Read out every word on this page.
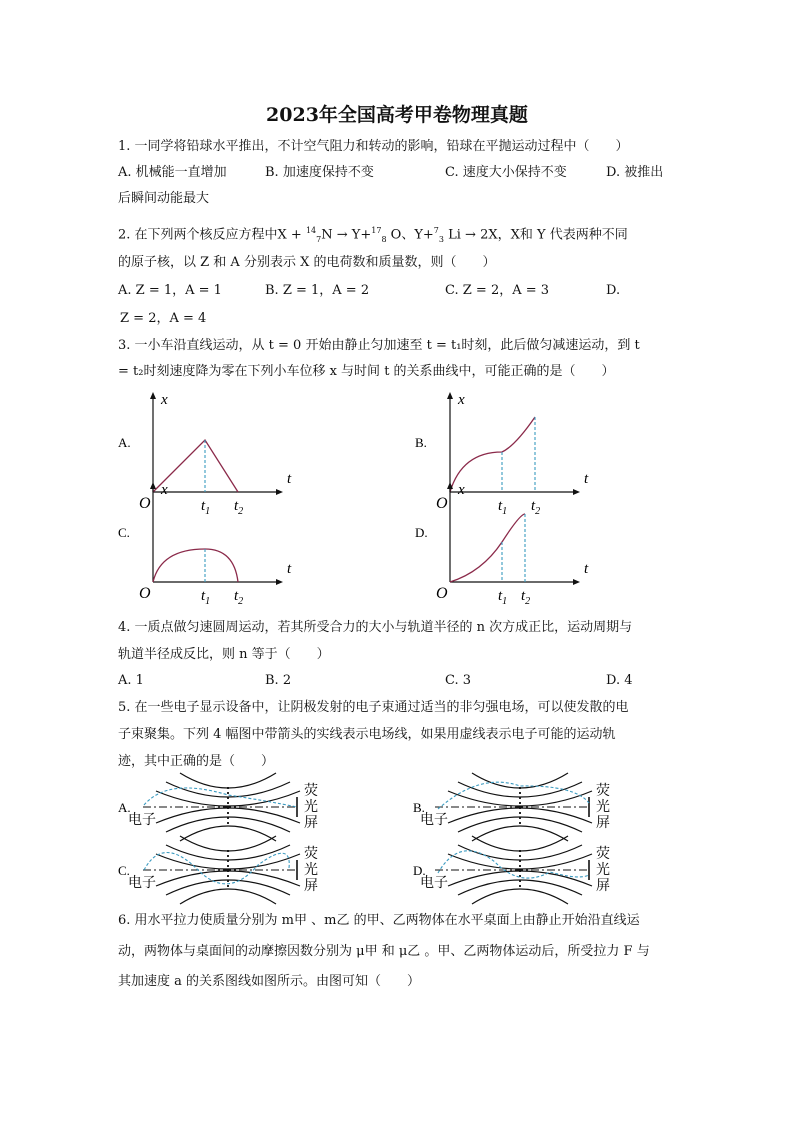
2023年全国高考甲卷物理真题
1. 一同学将铅球水平推出，不计空气阻力和转动的影响，铅球在平抛运动过程中（　　）
A. 机械能一直增加	B. 加速度保持不变	C. 速度大小保持不变	D. 被推出
后瞬间动能最大
2. 在下列两个核反应方程中X + $^{14}_7$N → Y+$^{17}_8$ O、Y+$^7_3$ Li → 2X，X和 Y 代表两种不同
的原子核，以 Z 和 A 分别表示 X 的电荷数和质量数，则（　　）
A. Z = 1，A = 1	B. Z = 1，A = 2	C. Z = 2，A = 3	D.
Z = 2，A = 4
3. 一小车沿直线运动，从 t = 0 开始由静止匀加速至 t = t₁时刻，此后做匀减速运动，到 t
= t₂时刻速度降为零在下列小车位移 x 与时间 t 的关系曲线中，可能正确的是（　　）
4. 一质点做匀速圆周运动，若其所受合力的大小与轨道半径的 n 次方成正比，运动周期与
轨道半径成反比，则 n 等于（　　）
A. 1	B. 2	C. 3	D. 4
5. 在一些电子显示设备中，让阴极发射的电子束通过适当的非匀强电场，可以使发散的电
子束聚集。下列 4 幅图中带箭头的实线表示电场线，如果用虚线表示电子可能的运动轨
迹，其中正确的是（　　）
6. 用水平拉力使质量分别为 m甲 、m乙 的甲、乙两物体在水平桌面上由静止开始沿直线运
动，两物体与桌面间的动摩擦因数分别为 μ甲 和 μ乙 。甲、乙两物体运动后，所受拉力 F 与
其加速度 a 的关系图线如图所示。由图可知（　　）
A.
x
t
O	$t_1$ $t_2$
B.
x
t
O	$t_1$ $t_2$
C.
x
t
O	$t_1$ $t_2$
D.
x
t
O	$t_1$ $t_2$
A.
电子
荧
光
屏
B.
电子
荧
光
屏
C.
电子
荧
光
屏
D.
电子
荧
光
屏
